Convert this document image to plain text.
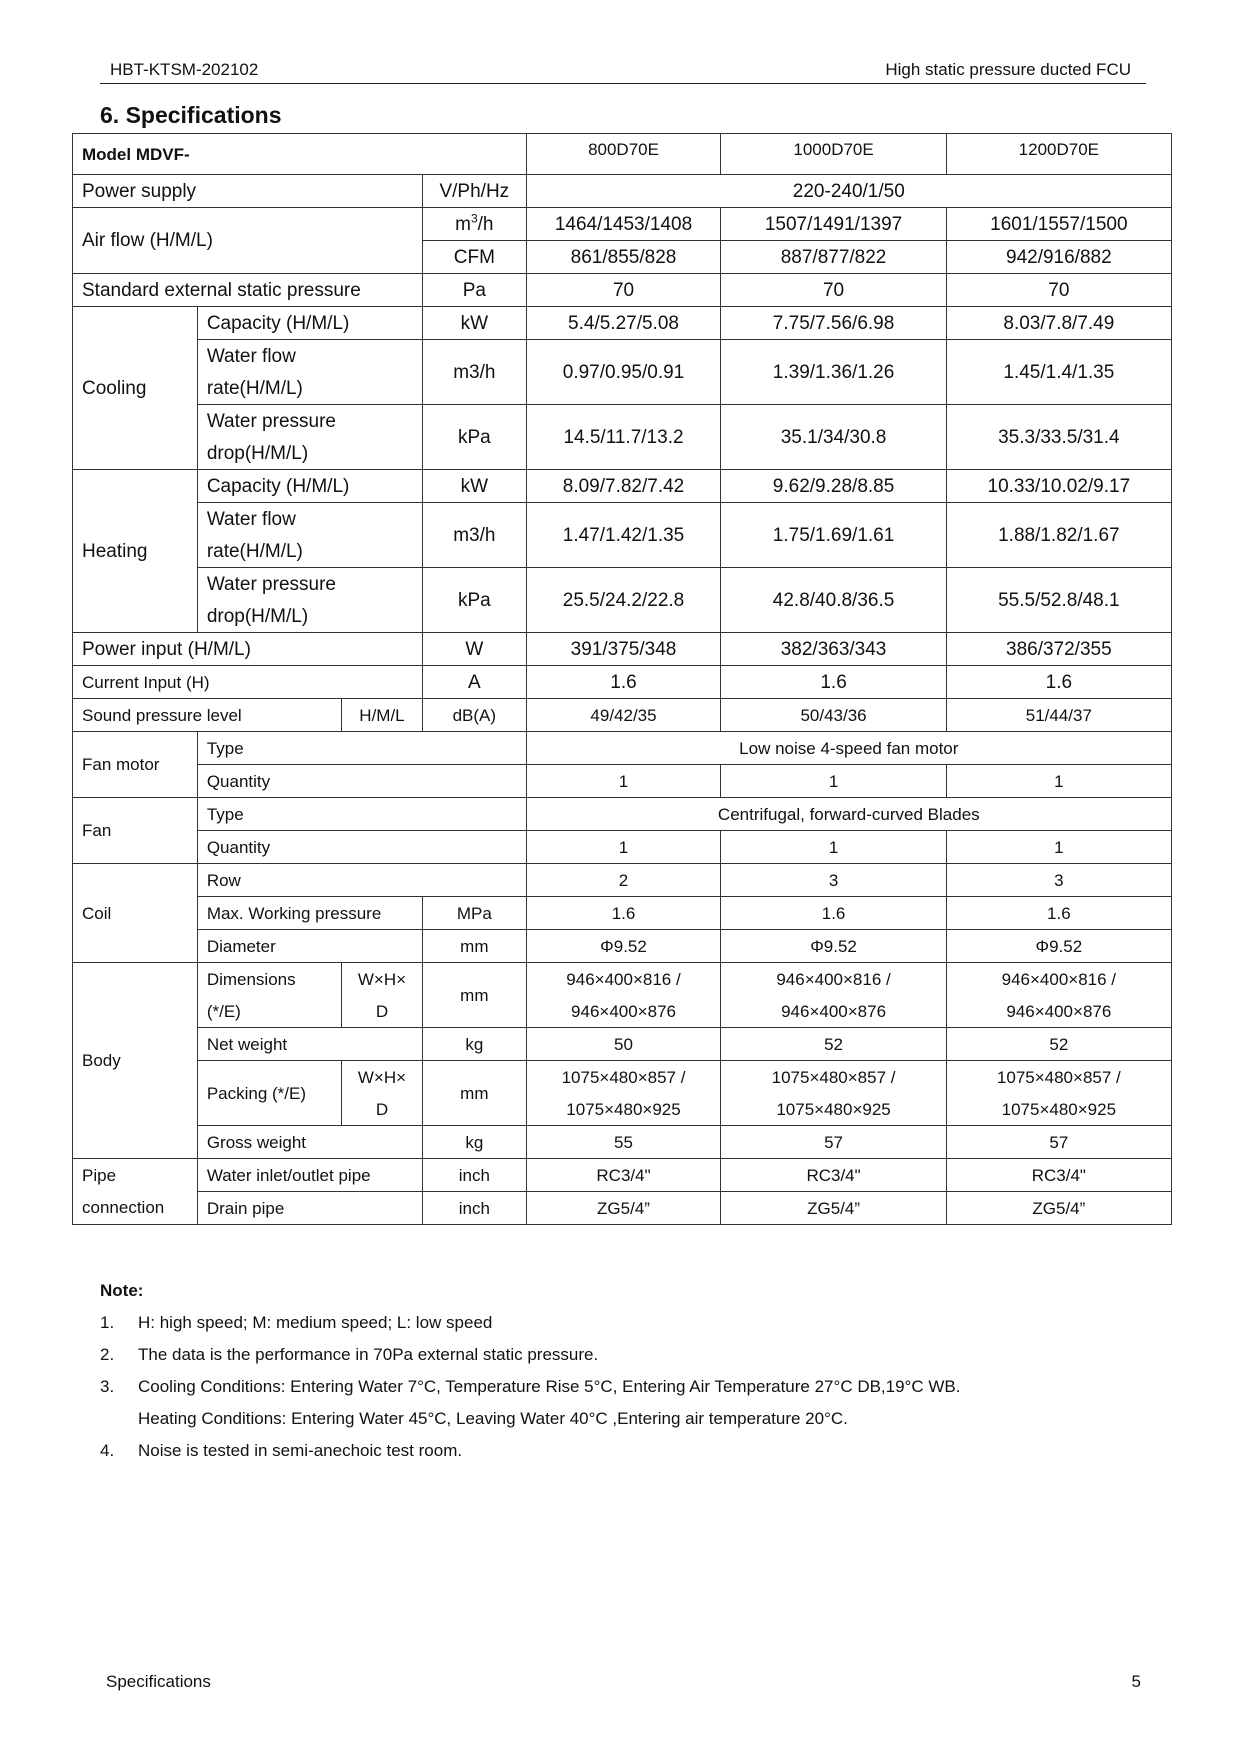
HBT-KTSM-202102	High static pressure ducted FCU
6. Specifications
Model MDVF-				800D70E	1000D70E	1200D70E
Power supply			V/Ph/Hz	220-240/1/50		
Air flow (H/M/L)			$m^3/h$	1464/1453/1408	1507/1491/1397	1601/1557/1500
			CFM	861/855/828	887/877/822	942/916/882
Standard external static pressure			Pa	70	70	70
Cooling	Capacity (H/M/L)		kW	5.4/5.27/5.08	7.75/7.56/6.98	8.03/7.8/7.49
	Water flow		m3/h	0.97/0.95/0.91	1.39/1.36/1.26	1.45/1.4/1.35
	rate(H/M/L)					
	Water pressure		kPa	14.5/11.7/13.2	35.1/34/30.8	35.3/33.5/31.4
	drop(H/M/L)					
Heating	Capacity (H/M/L)		kW	8.09/7.82/7.42	9.62/9.28/8.85	10.33/10.02/9.17
	Water flow		m3/h	1.47/1.42/1.35	1.75/1.69/1.61	1.88/1.82/1.67
	rate(H/M/L)					
	Water pressure		kPa	25.5/24.2/22.8	42.8/40.8/36.5	55.5/52.8/48.1
	drop(H/M/L)					
Power input (H/M/L)			W	391/375/348	382/363/343	386/372/355
Current Input (H)			A	1.6	1.6	1.6
Sound pressure level		H/M/L	dB(A)	49/42/35	50/43/36	51/44/37
Fan motor	Type			Low noise 4-speed fan motor		
	Quantity			1	1	1
Fan	Type			Centrifugal, forward-curved Blades		
	Quantity			1	1	1
Coil	Row			2	3	3
	Max. Working pressure		MPa	1.6	1.6	1.6
	Diameter		mm	Φ9.52	Φ9.52	Φ9.52
Body	Dimensions	W×H×	mm	946×400×816 /	946×400×816 /	946×400×816 /
	(*/E)	D		946×400×876	946×400×876	946×400×876
	Net weight		kg	50	52	52
	Packing (*/E)	W×H×	mm	1075×480×857 /	1075×480×857 /	1075×480×857 /
		D		1075×480×925	1075×480×925	1075×480×925
	Gross weight		kg	55	57	57
Pipe	Water inlet/outlet pipe		inch	RC3/4"	RC3/4"	RC3/4"
connection	Drain pipe		inch	ZG5/4”	ZG5/4”	ZG5/4”
Note:
1.	H: high speed; M: medium speed; L: low speed
2.	The data is the performance in 70Pa external static pressure.
3.	Cooling Conditions: Entering Water 7°C, Temperature Rise 5°C, Entering Air Temperature 27°C DB,19°C WB.
Heating Conditions: Entering Water 45°C, Leaving Water 40°C ,Entering air temperature 20°C.
4.	Noise is tested in semi-anechoic test room.
Specifications	5
